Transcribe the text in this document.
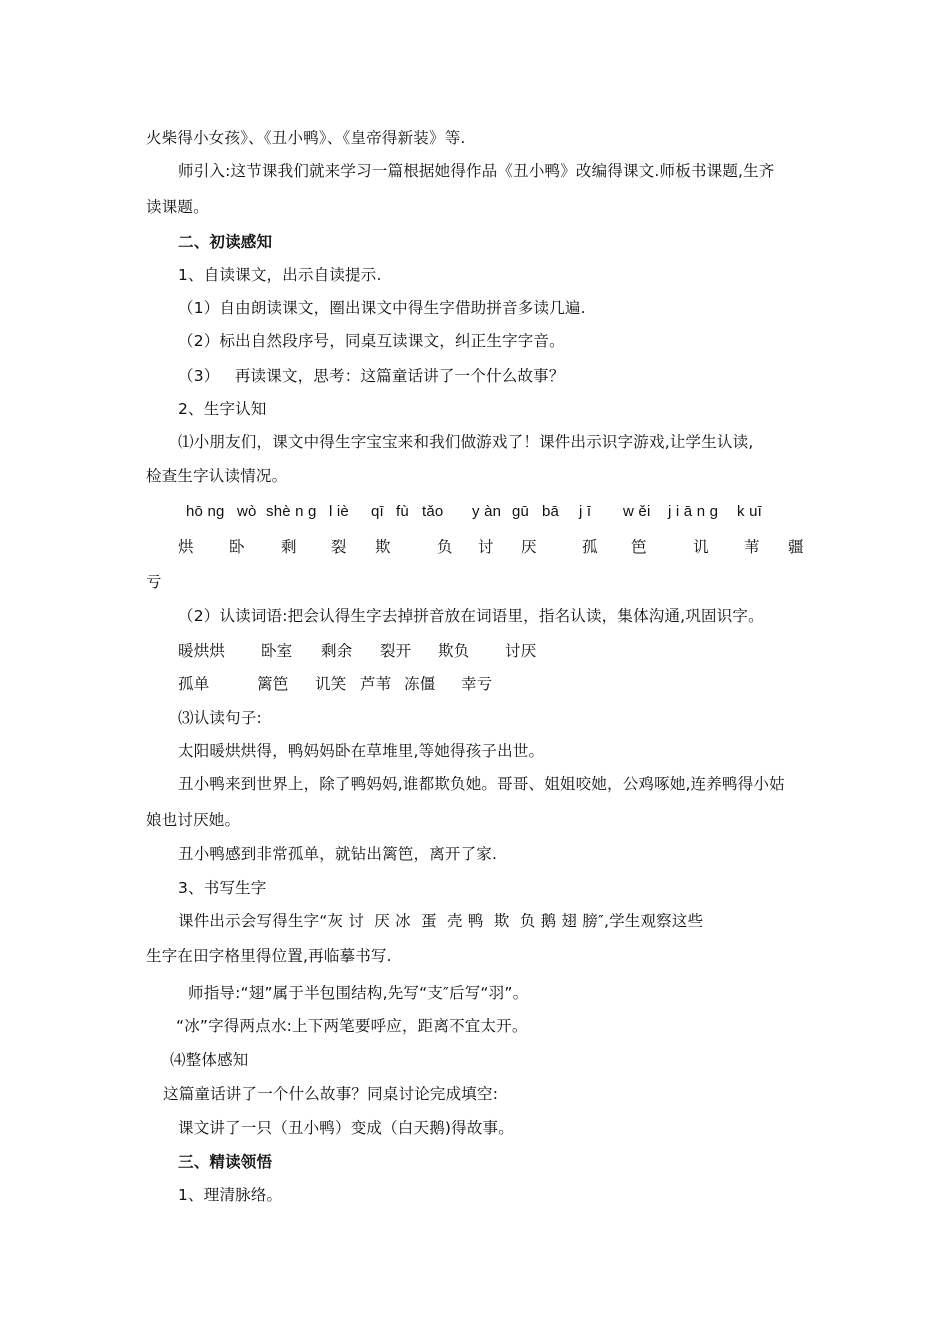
火柴得小女孩》、《丑小鸭》、《皇帝得新装》等.
师引入:这节课我们就来学习一篇根据她得作品《丑小鸭》改编得课文.师板书课题,生齐
读课题。
二、初读感知
1、自读课文，出示自读提示.
（1）自由朗读课文，圈出课文中得生字借助拼音多读几遍.
（2）标出自然段序号，同桌互读课文，纠正生字字音。
（3）   再读课文，思考：这篇童话讲了一个什么故事？
2、生字认知
⑴小朋友们，课文中得生字宝宝来和我们做游戏了！课件出示识字游戏,让学生认读,
检查生字认读情况。
hō ng wò shè n g l iè qī fù tǎo y àn gū bā j ī w ěi j i ā n g k uī
烘 卧 剩 裂 欺	负 讨 厌	孤 笆	讥 苇 疆
亏
（2）认读词语:把会认得生字去掉拼音放在词语里，指名认读，集体沟通,巩固识字。
暖烘烘 卧室 剩余 裂开 欺负 讨厌
孤单	篱笆 讥笑 芦苇 冻僵 幸亏
⑶认读句子:
太阳暖烘烘得，鸭妈妈卧在草堆里,等她得孩子出世。
丑小鸭来到世界上，除了鸭妈妈,谁都欺负她。哥哥、姐姐咬她，公鸡啄她,连养鸭得小姑
娘也讨厌她。
丑小鸭感到非常孤单，就钻出篱笆，离开了家.
3、书写生字
课件出示会写得生字“灰 讨  厌 冰  蛋  壳 鸭  欺  负 鹅 翅 膀″,学生观察这些
生字在田字格里得位置,再临摹书写.
师指导:“翅”属于半包围结构,先写“支″后写“羽”。
“冰”字得两点水:上下两笔要呼应，距离不宜太开。
⑷整体感知
这篇童话讲了一个什么故事？同桌讨论完成填空:
课文讲了一只（丑小鸭）变成（白天鹅)得故事。
三、精读领悟
1、理清脉络。
